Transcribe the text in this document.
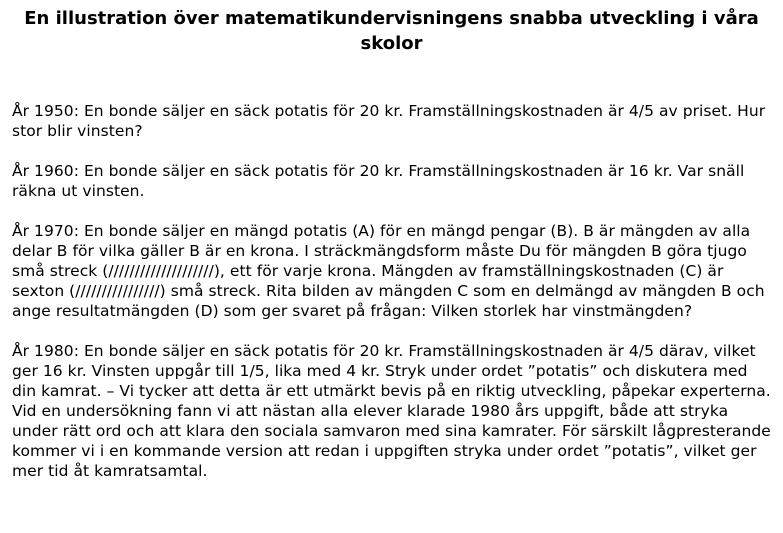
En illustration över matematikundervisningens snabba utveckling i våra skolor
År 1950: En bonde säljer en säck potatis för 20 kr. Framställningskostnaden är 4/5 av priset. Hur stor blir vinsten?
År 1960: En bonde säljer en säck potatis för 20 kr. Framställningskostnaden är 16 kr. Var snäll räkna ut vinsten.
År 1970: En bonde säljer en mängd potatis (A) för en mängd pengar (B). B är mängden av alla delar B för vilka gäller B är en krona. I sträckmängdsform måste Du för mängden B göra tjugo små streck (////////////////////), ett för varje krona. Mängden av framställningskostnaden (C) är sexton (////////////////) små streck. Rita bilden av mängden C som en delmängd av mängden B och ange resultatmängden (D) som ger svaret på frågan: Vilken storlek har vinstmängden?
År 1980: En bonde säljer en säck potatis för 20 kr. Framställningskostnaden är 4/5 därav, vilket ger 16 kr. Vinsten uppgår till 1/5, lika med 4 kr. Stryk under ordet ”potatis” och diskutera med din kamrat. – Vi tycker att detta är ett utmärkt bevis på en riktig utveckling, påpekar experterna. Vid en undersökning fann vi att nästan alla elever klarade 1980 års uppgift, både att stryka under rätt ord och att klara den sociala samvaron med sina kamrater. För särskilt lågpresterande kommer vi i en kommande version att redan i uppgiften stryka under ordet ”potatis”, vilket ger mer tid åt kamratsamtal.
